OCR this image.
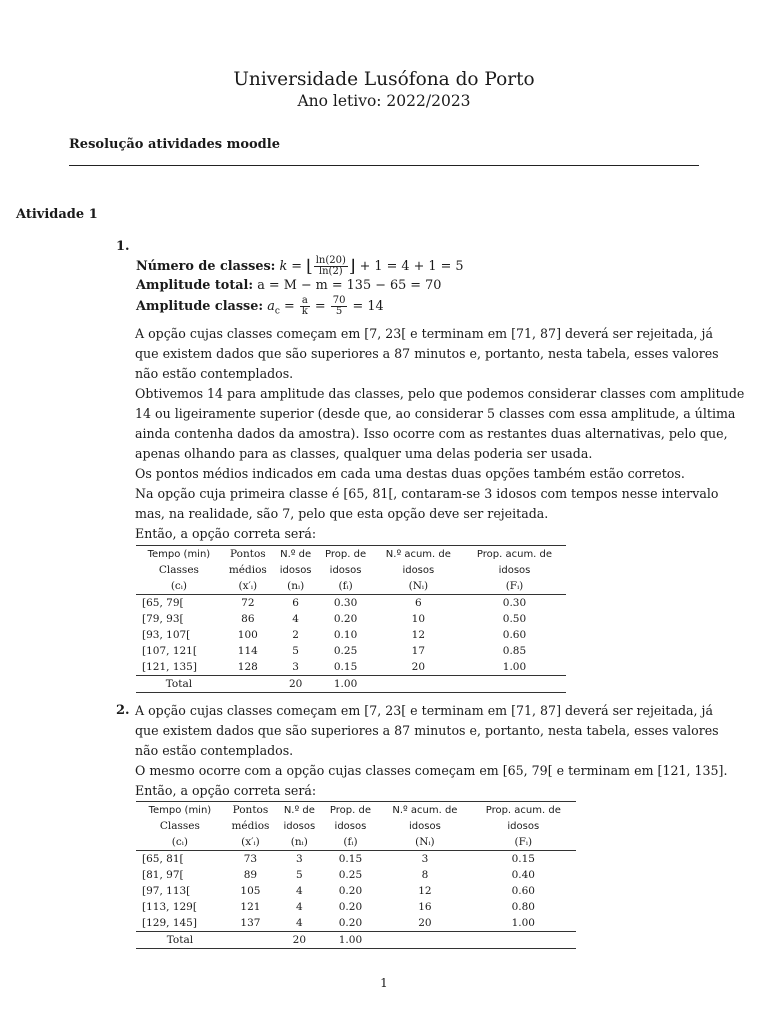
Universidade Lusófona do Porto
Ano letivo: 2022/2023
Resolução atividades moodle
Atividade 1
1.
Número de classes: k = ⌊ $\frac{\ln(20)}{\ln(2)}$ ⌋ + 1 = 4 + 1 = 5
Amplitude total: a = M − m = 135 − 65 = 70
Amplitude classe: $a_c = \frac{a}{k} = \frac{70}{5} = 14$
A opção cujas classes começam em [7, 23[ e terminam em [71, 87] deverá ser rejeitada, já
que existem dados que são superiores a 87 minutos e, portanto, nesta tabela, esses valores
não estão contemplados.
Obtivemos 14 para amplitude das classes, pelo que podemos considerar classes com amplitude
14 ou ligeiramente superior (desde que, ao considerar 5 classes com essa amplitude, a última
ainda contenha dados da amostra). Isso ocorre com as restantes duas alternativas, pelo que,
apenas olhando para as classes, qualquer uma delas poderia ser usada.
Os pontos médios indicados em cada uma destas duas opções também estão corretos.
Na opção cuja primeira classe é [65, 81[, contaram-se 3 idosos com tempos nesse intervalo
mas, na realidade, são 7, pelo que esta opção deve ser rejeitada.
Então, a opção correta será:
Tempo (min)	Pontos	N.º de	Prop. de	N.º acum. de	Prop. acum. de
Classes	médios	idosos	idosos	idosos	idosos
(cᵢ)	(x′ᵢ)	(nᵢ)	(fᵢ)	(Nᵢ)	(Fᵢ)
[65, 79[	72	6	0.30	6	0.30
[79, 93[	86	4	0.20	10	0.50
[93, 107[	100	2	0.10	12	0.60
[107, 121[	114	5	0.25	17	0.85
[121, 135]	128	3	0.15	20	1.00
Total		20	1.00		
2. A opção cujas classes começam em [7, 23[ e terminam em [71, 87] deverá ser rejeitada, já
que existem dados que são superiores a 87 minutos e, portanto, nesta tabela, esses valores
não estão contemplados.
O mesmo ocorre com a opção cujas classes começam em [65, 79[ e terminam em [121, 135].
Então, a opção correta será:
Tempo (min)	Pontos	N.º de	Prop. de	N.º acum. de	Prop. acum. de
Classes	médios	idosos	idosos	idosos	idosos
(cᵢ)	(x′ᵢ)	(nᵢ)	(fᵢ)	(Nᵢ)	(Fᵢ)
[65, 81[	73	3	0.15	3	0.15
[81, 97[	89	5	0.25	8	0.40
[97, 113[	105	4	0.20	12	0.60
[113, 129[	121	4	0.20	16	0.80
[129, 145]	137	4	0.20	20	1.00
Total		20	1.00		
1
